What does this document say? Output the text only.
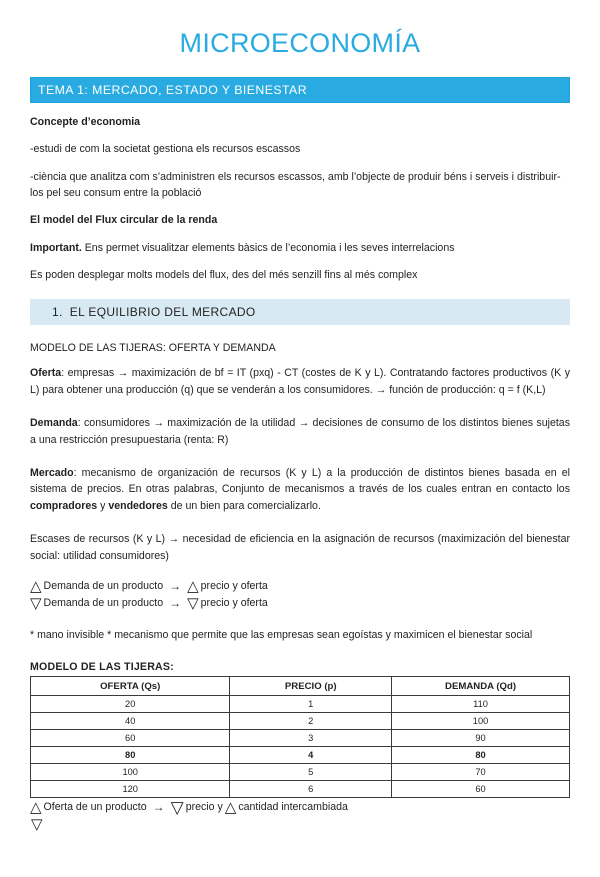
MICROECONOMÍA
TEMA 1: MERCADO, ESTADO Y BIENESTAR

Concepte d’economia

-estudi de com la societat gestiona els recursos escassos

-ciència que analitza com s’administren els recursos escassos, amb l’objecte de produir béns i serveis i distribuir-los pel seu consum entre la població

El model del Flux circular de la renda

Important. Ens permet visualitzar elements bàsics de l’economia i les seves interrelacions

Es poden desplegar molts models del flux, des del més senzill fins al més complex

1. EL EQUILIBRIO DEL MERCADO

MODELO DE LAS TIJERAS: OFERTA Y DEMANDA

Oferta: empresas → maximización de bf = IT (pxq) - CT (costes de K y L). Contratando factores productivos (K y L) para obtener una producción (q) que se venderán a los consumidores. → función de producción: q = f (K,L)

Demanda: consumidores → maximización de la utilidad → decisiones de consumo de los distintos bienes sujetas a una restricción presupuestaria (renta: R)

Mercado: mecanismo de organización de recursos (K y L) a la producción de distintos bienes basada en el sistema de precios. En otras palabras, Conjunto de mecanismos a través de los cuales entran en contacto los compradores y vendedores de un bien para comercializarlo.

Escases de recursos (K y L) → necesidad de eficiencia en la asignación de recursos (maximización del bienestar social: utilidad consumidores)

△ Demanda de un producto → △ precio y oferta
▽ Demanda de un producto → ▽ precio y oferta

* mano invisible * mecanismo que permite que las empresas sean egoístas y maximicen el bienestar social

MODELO DE LAS TIJERAS:
OFERTA (Qs)	PRECIO (p)	DEMANDA (Qd)
20	1	110
40	2	100
60	3	90
80	4	80
100	5	70
120	6	60
△ Oferta de un producto → ▽ precio y △ cantidad intercambiada
▽
